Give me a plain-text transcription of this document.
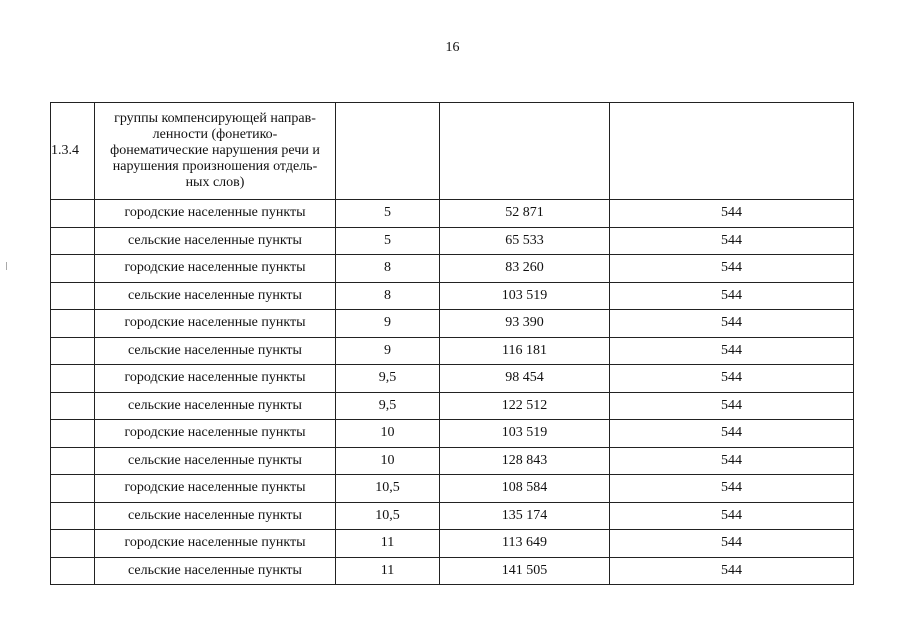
16
1.3.4	группы компенсирующей направ-
ленности (фонетико-
фонематические нарушения речи и
нарушения произношения отдель-
ных слов)			

	городские населенные пункты	5	52 871	544
	сельские населенные пункты	5	65 533	544
	городские населенные пункты	8	83 260	544
	сельские населенные пункты	8	103 519	544
	городские населенные пункты	9	93 390	544
	сельские населенные пункты	9	116 181	544
	городские населенные пункты	9,5	98 454	544
	сельские населенные пункты	9,5	122 512	544
	городские населенные пункты	10	103 519	544
	сельские населенные пункты	10	128 843	544
	городские населенные пункты	10,5	108 584	544
	сельские населенные пункты	10,5	135 174	544
	городские населенные пункты	11	113 649	544
	сельские населенные пункты	11	141 505	544
